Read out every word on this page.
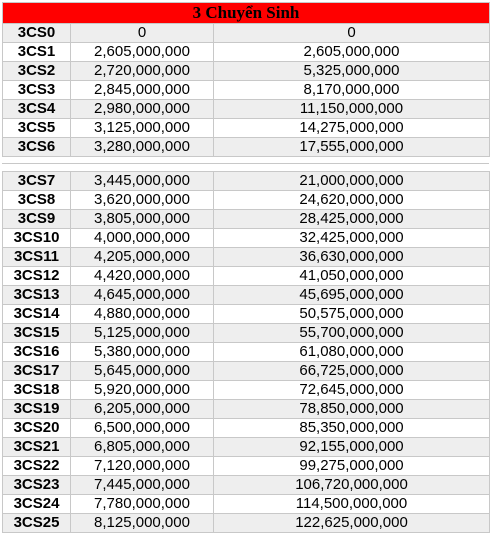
3 Chuyển Sinh		
3CS0	0	0
3CS1	2,605,000,000	2,605,000,000
3CS2	2,720,000,000	5,325,000,000
3CS3	2,845,000,000	8,170,000,000
3CS4	2,980,000,000	11,150,000,000
3CS5	3,125,000,000	14,275,000,000
3CS6	3,280,000,000	17,555,000,000
3CS7	3,445,000,000	21,000,000,000
3CS8	3,620,000,000	24,620,000,000
3CS9	3,805,000,000	28,425,000,000
3CS10	4,000,000,000	32,425,000,000
3CS11	4,205,000,000	36,630,000,000
3CS12	4,420,000,000	41,050,000,000
3CS13	4,645,000,000	45,695,000,000
3CS14	4,880,000,000	50,575,000,000
3CS15	5,125,000,000	55,700,000,000
3CS16	5,380,000,000	61,080,000,000
3CS17	5,645,000,000	66,725,000,000
3CS18	5,920,000,000	72,645,000,000
3CS19	6,205,000,000	78,850,000,000
3CS20	6,500,000,000	85,350,000,000
3CS21	6,805,000,000	92,155,000,000
3CS22	7,120,000,000	99,275,000,000
3CS23	7,445,000,000	106,720,000,000
3CS24	7,780,000,000	114,500,000,000
3CS25	8,125,000,000	122,625,000,000
